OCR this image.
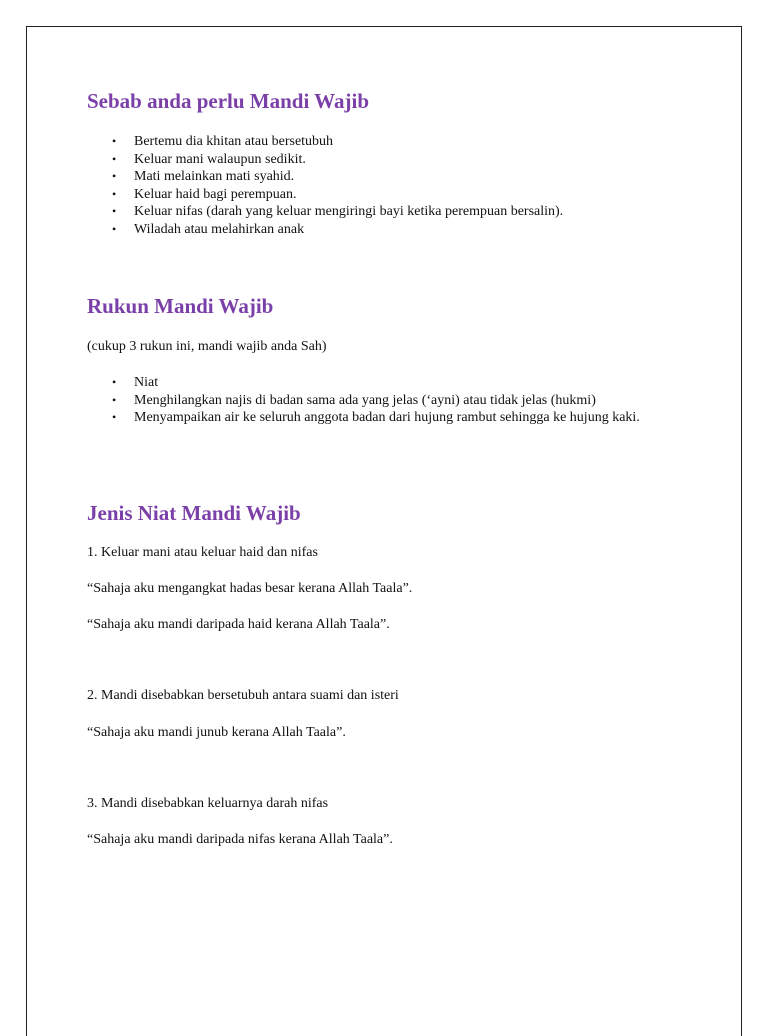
Sebab anda perlu Mandi Wajib
• Bertemu dia khitan atau bersetubuh
• Keluar mani walaupun sedikit.
• Mati melainkan mati syahid.
• Keluar haid bagi perempuan.
• Keluar nifas (darah yang keluar mengiringi bayi ketika perempuan bersalin).
• Wiladah atau melahirkan anak
Rukun Mandi Wajib

(cukup 3 rukun ini, mandi wajib anda Sah)

• Niat
• Menghilangkan najis di badan sama ada yang jelas (‘ayni) atau tidak jelas (hukmi)
• Menyampaikan air ke seluruh anggota badan dari hujung rambut sehingga ke hujung kaki.
Jenis Niat Mandi Wajib

1. Keluar mani atau keluar haid dan nifas

“Sahaja aku mengangkat hadas besar kerana Allah Taala”.

“Sahaja aku mandi daripada haid kerana Allah Taala”.

2. Mandi disebabkan bersetubuh antara suami dan isteri

“Sahaja aku mandi junub kerana Allah Taala”.

3. Mandi disebabkan keluarnya darah nifas

“Sahaja aku mandi daripada nifas kerana Allah Taala”.
